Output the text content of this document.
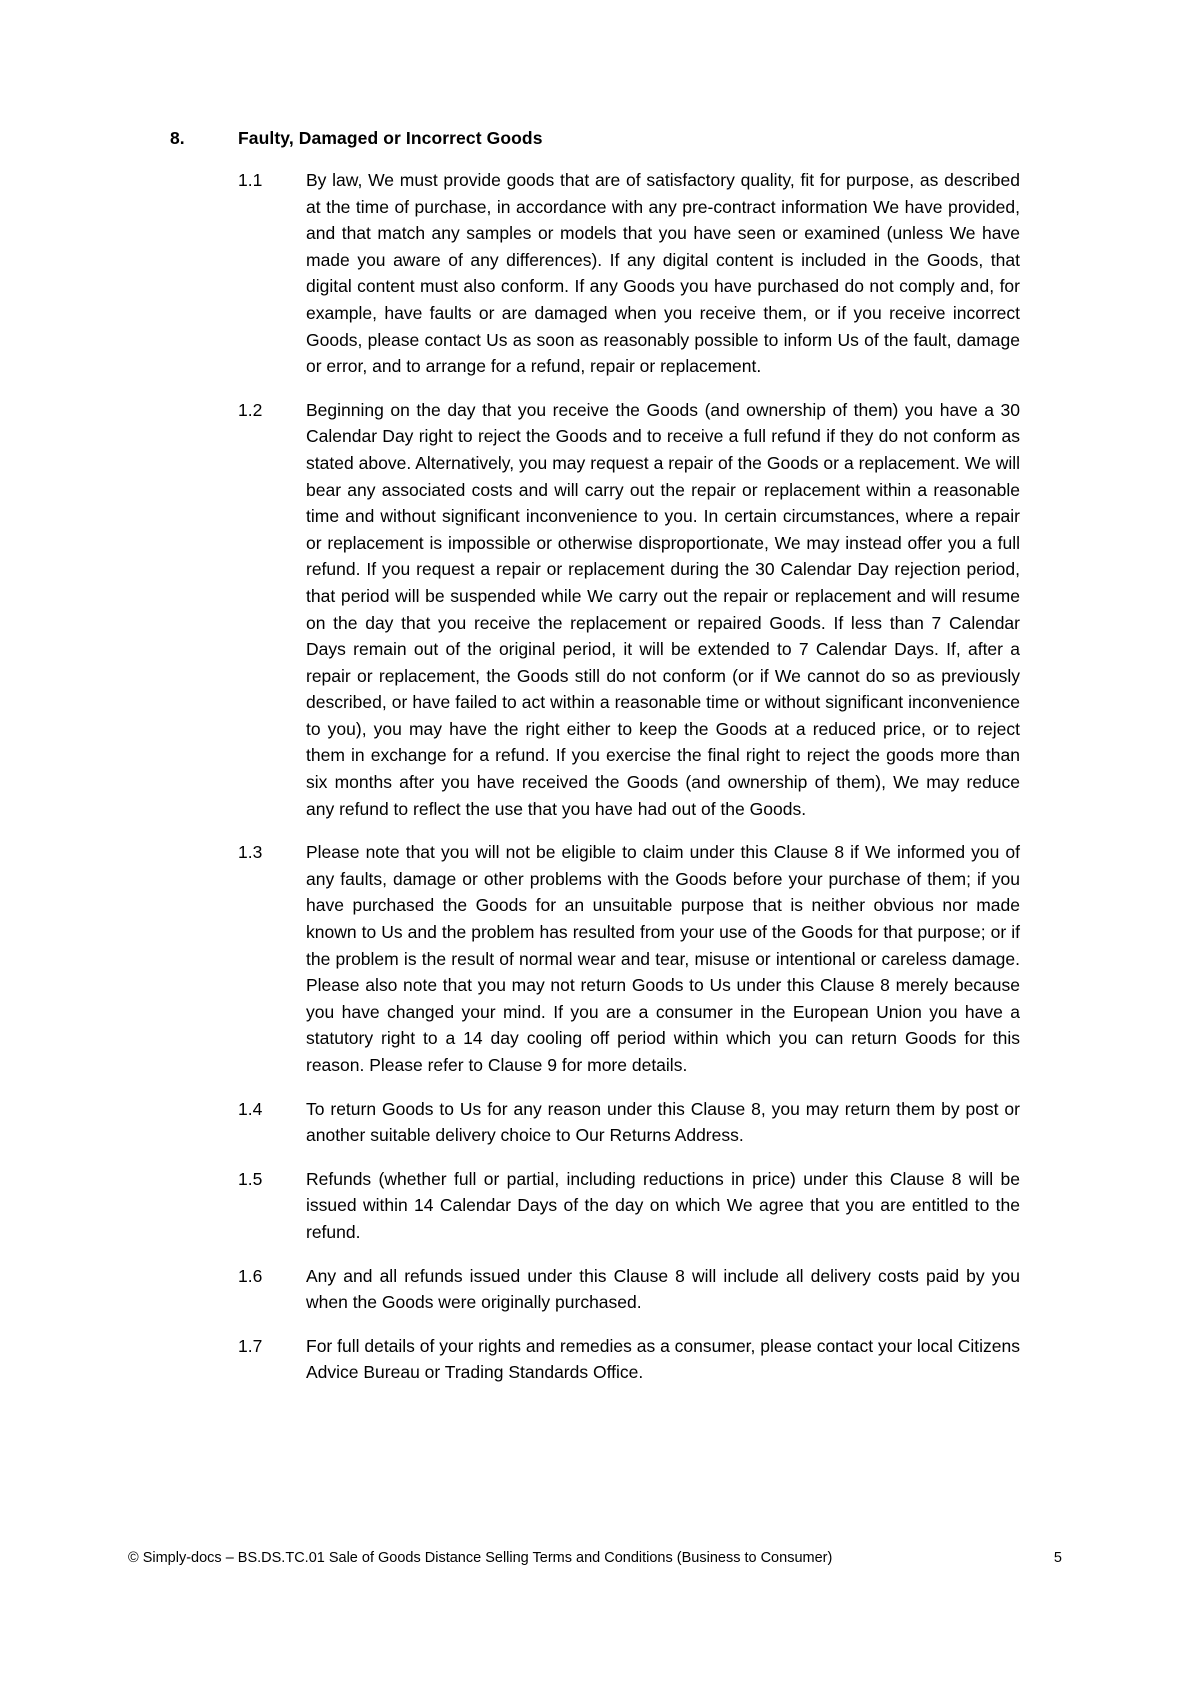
8.	Faulty, Damaged or Incorrect Goods
1.1	By law, We must provide goods that are of satisfactory quality, fit for purpose, as described at the time of purchase, in accordance with any pre-contract information We have provided, and that match any samples or models that you have seen or examined (unless We have made you aware of any differences). If any digital content is included in the Goods, that digital content must also conform. If any Goods you have purchased do not comply and, for example, have faults or are damaged when you receive them, or if you receive incorrect Goods, please contact Us as soon as reasonably possible to inform Us of the fault, damage or error, and to arrange for a refund, repair or replacement.
1.2	Beginning on the day that you receive the Goods (and ownership of them) you have a 30 Calendar Day right to reject the Goods and to receive a full refund if they do not conform as stated above. Alternatively, you may request a repair of the Goods or a replacement. We will bear any associated costs and will carry out the repair or replacement within a reasonable time and without significant inconvenience to you. In certain circumstances, where a repair or replacement is impossible or otherwise disproportionate, We may instead offer you a full refund. If you request a repair or replacement during the 30 Calendar Day rejection period, that period will be suspended while We carry out the repair or replacement and will resume on the day that you receive the replacement or repaired Goods. If less than 7 Calendar Days remain out of the original period, it will be extended to 7 Calendar Days. If, after a repair or replacement, the Goods still do not conform (or if We cannot do so as previously described, or have failed to act within a reasonable time or without significant inconvenience to you), you may have the right either to keep the Goods at a reduced price, or to reject them in exchange for a refund. If you exercise the final right to reject the goods more than six months after you have received the Goods (and ownership of them), We may reduce any refund to reflect the use that you have had out of the Goods.
1.3	Please note that you will not be eligible to claim under this Clause 8 if We informed you of any faults, damage or other problems with the Goods before your purchase of them; if you have purchased the Goods for an unsuitable purpose that is neither obvious nor made known to Us and the problem has resulted from your use of the Goods for that purpose; or if the problem is the result of normal wear and tear, misuse or intentional or careless damage. Please also note that you may not return Goods to Us under this Clause 8 merely because you have changed your mind. If you are a consumer in the European Union you have a statutory right to a 14 day cooling off period within which you can return Goods for this reason. Please refer to Clause 9 for more details.
1.4	To return Goods to Us for any reason under this Clause 8, you may return them by post or another suitable delivery choice to Our Returns Address.
1.5	Refunds (whether full or partial, including reductions in price) under this Clause 8 will be issued within 14 Calendar Days of the day on which We agree that you are entitled to the refund.
1.6	Any and all refunds issued under this Clause 8 will include all delivery costs paid by you when the Goods were originally purchased.
1.7	For full details of your rights and remedies as a consumer, please contact your local Citizens Advice Bureau or Trading Standards Office.
© Simply-docs – BS.DS.TC.01 Sale of Goods Distance Selling Terms and Conditions (Business to Consumer)	5
